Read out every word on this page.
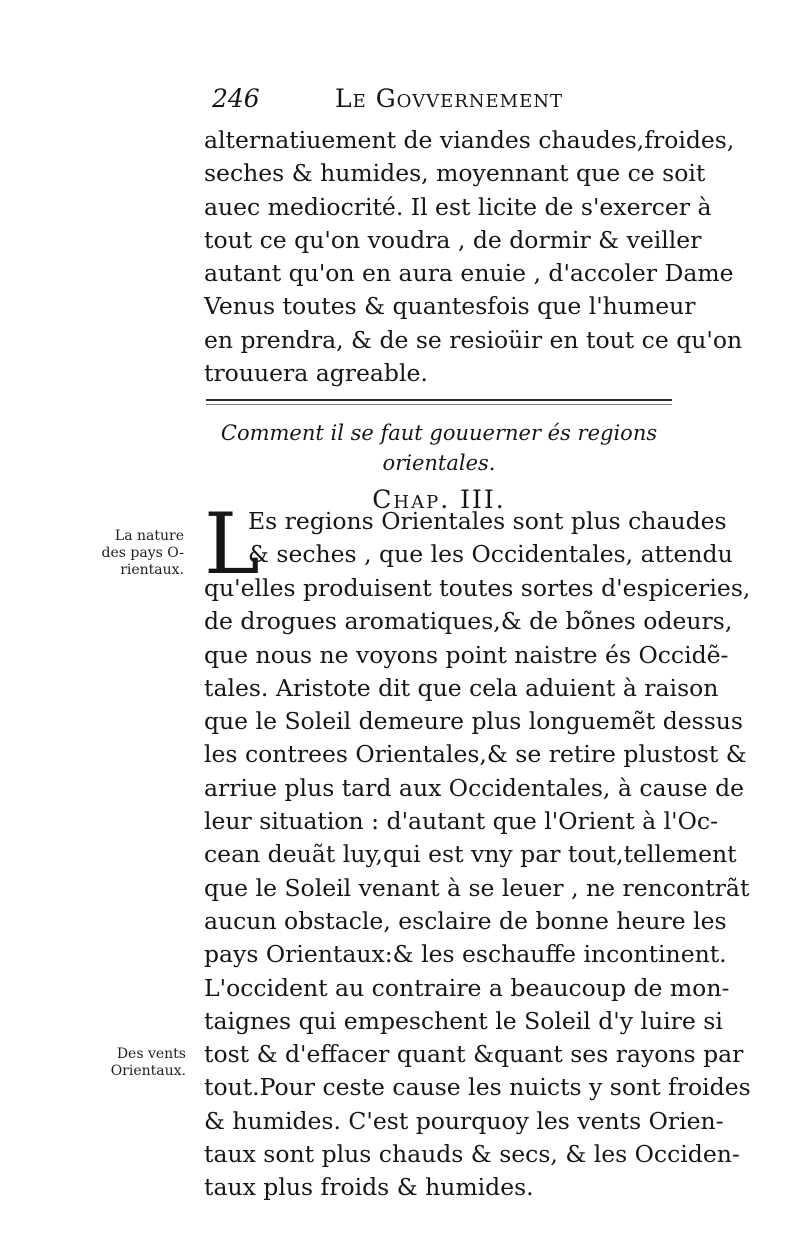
246	Le Govvernement
alternatiuement de viandes chaudes,froides,
seches & humides, moyennant que ce soit
auec mediocrité. Il est licite de s'exercer à
tout ce qu'on voudra , de dormir & veiller
autant qu'on en aura enuie , d'accoler Dame
Venus toutes & quantesfois que l'humeur
en prendra, & de se resioüir en tout ce qu'on
trouuera agreable.
Comment il se faut gouuerner és regions
orientales.
Chap. III.
L
Es regions Orientales sont plus chaudes
& seches , que les Occidentales, attendu
qu'elles produisent toutes sortes d'espiceries,
de drogues aromatiques,& de bõnes odeurs,
que nous ne voyons point naistre és Occidẽ-
tales. Aristote dit que cela aduient à raison
que le Soleil demeure plus longuemẽt dessus
les contrees Orientales,& se retire plustost &
arriue plus tard aux Occidentales, à cause de
leur situation : d'autant que l'Orient à l'Oc-
cean deuãt luy,qui est vny par tout,tellement
que le Soleil venant à se leuer , ne rencontrãt
aucun obstacle, esclaire de bonne heure les
pays Orientaux:& les eschauffe incontinent.
L'occident au contraire a beaucoup de mon-
taignes qui empeschent le Soleil d'y luire si
tost & d'effacer quant &quant ses rayons par
tout.Pour ceste cause les nuicts y sont froides
& humides. C'est pourquoy les vents Orien-
taux sont plus chauds & secs, & les Occiden-
taux plus froids & humides.
La nature
des pays O-
rientaux.
Des vents
Orientaux.
